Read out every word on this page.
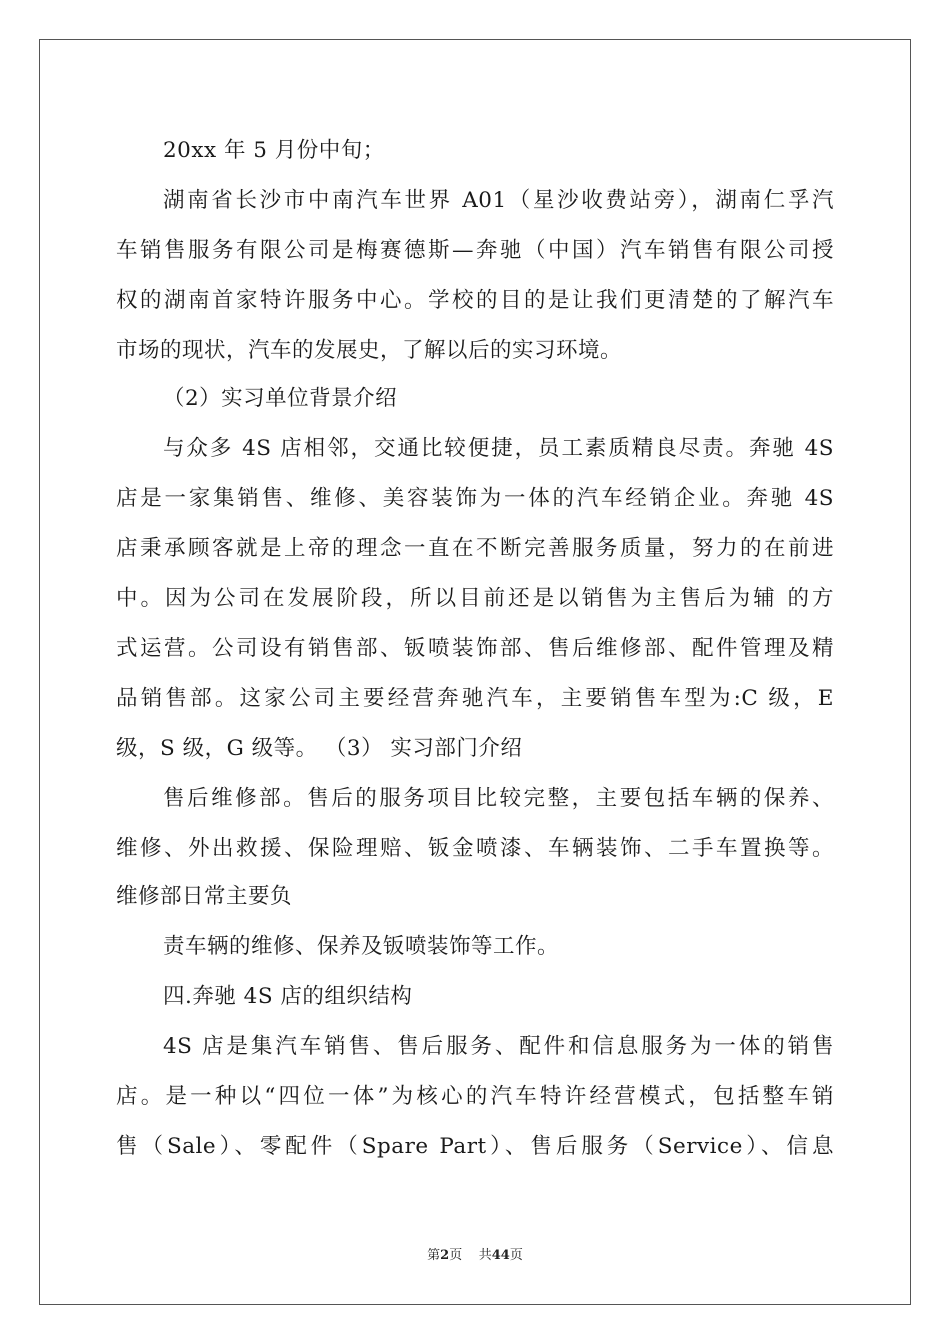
20xx 年 5 月份中旬；
湖南省长沙市中南汽车世界 A01（星沙收费站旁），湖南仁孚汽
车销售服务有限公司是梅赛德斯—奔驰（中国）汽车销售有限公司授
权的湖南首家特许服务中心。学校的目的是让我们更清楚的了解汽车
市场的现状，汽车的发展史，了解以后的实习环境。
（2）实习单位背景介绍
与众多 4S 店相邻，交通比较便捷，员工素质精良尽责。奔驰 4S
店是一家集销售、维修、美容装饰为一体的汽车经销企业。奔驰 4S
店秉承顾客就是上帝的理念一直在不断完善服务质量，努力的在前进
中。因为公司在发展阶段，所以目前还是以销售为主售后为辅 的方
式运营。公司设有销售部、钣喷装饰部、售后维修部、配件管理及精
品销售部。这家公司主要经营奔驰汽车，主要销售车型为:C 级，E
级，S 级，G 级等。 （3） 实习部门介绍
售后维修部。售后的服务项目比较完整，主要包括车辆的保养、
维修、外出救援、保险理赔、钣金喷漆、车辆装饰、二手车置换等。
维修部日常主要负
责车辆的维修、保养及钣喷装饰等工作。
四.奔驰 4S 店的组织结构
4S 店是集汽车销售、售后服务、配件和信息服务为一体的销售
店。是一种以“四位一体”为核心的汽车特许经营模式，包括整车销
售（Sale）、零配件（Spare Part）、售后服务（Service）、信息
第2页 共44页
